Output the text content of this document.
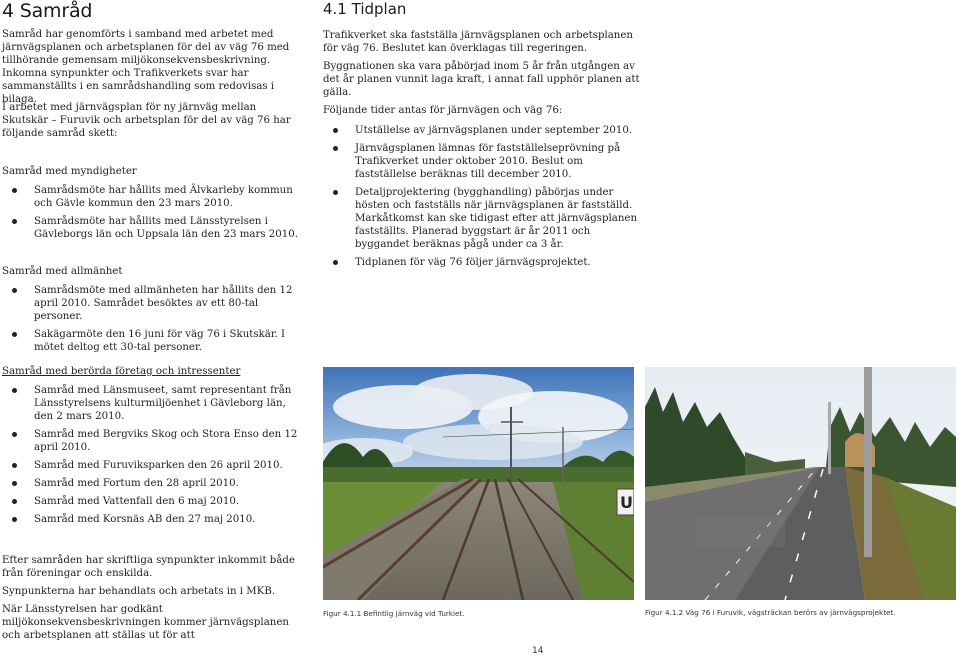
4 Samråd

Samråd har genomförts i samband med arbetet med järnvägsplanen och arbetsplanen för del av väg 76 med tillhörande gemensam miljökonsekvensbeskrivning. Inkomna synpunkter och Trafikverkets svar har sammanställts i en samrådshandling som redovisas i bilaga.

I arbetet med järnvägsplan för ny järnväg mellan Skutskär – Furuvik och arbetsplan för del av väg 76 har följande samråd skett:

Samråd med myndigheter

Samrådsmöte har hållits med Älvkarleby kommun och Gävle kommun den 23 mars 2010.
Samrådsmöte har hållits med Länsstyrelsen i Gävleborgs län och Uppsala län den 23 mars 2010.

Samråd med allmänhet

Samrådsmöte med allmänheten har hållits den 12 april 2010. Samrådet besöktes av ett 80-tal personer.
Sakägarmöte den 16 juni för väg 76 i Skutskär. I mötet deltog ett 30-tal personer.

Samråd med berörda företag och intressenter

Samråd med Länsmuseet, samt representant från Länsstyrelsens kulturmiljöenhet i Gävleborg län, den 2 mars 2010.
Samråd med Bergviks Skog och Stora Enso den 12 april 2010.
Samråd med Furuviksparken den 26 april 2010.
Samråd med Fortum den 28 april 2010.
Samråd med Vattenfall den 6 maj 2010.
Samråd med Korsnäs AB den 27 maj 2010.

Efter samråden har skriftliga synpunkter inkommit både från föreningar och enskilda.

Synpunkterna har behandlats och arbetats in i MKB.

När Länsstyrelsen har godkänt miljökonsekvensbeskrivningen kommer järnvägsplanen och arbetsplanen att ställas ut för att

4.1 Tidplan

Trafikverket ska fastställa järnvägsplanen och arbetsplanen för väg 76. Beslutet kan överklagas till regeringen.

Byggnationen ska vara påbörjad inom 5 år från utgången av det år planen vunnit laga kraft, i annat fall upphör planen att gälla.

Följande tider antas för järnvägen och väg 76:

Utställelse av järnvägsplanen under september 2010.
Järnvägsplanen lämnas för fastställelseprövning på Trafikverket under oktober 2010. Beslut om fastställelse beräknas till december 2010.
Detaljprojektering (bygghandling) påbörjas under hösten och fastställs när järnvägsplanen är fastställd. Markåtkomst kan ske tidigast efter att järnvägsplanen fastställts. Planerad byggstart är år 2011 och byggandet beräknas pågå under ca 3 år.
Tidplanen för väg 76 följer järnvägsprojektet.
U
Figur 4.1.1 Befintlig järnväg vid Turkiet.	Figur 4.1.2 Väg 76 i Furuvik, vägsträckan berörs av järnvägsprojektet.
14
